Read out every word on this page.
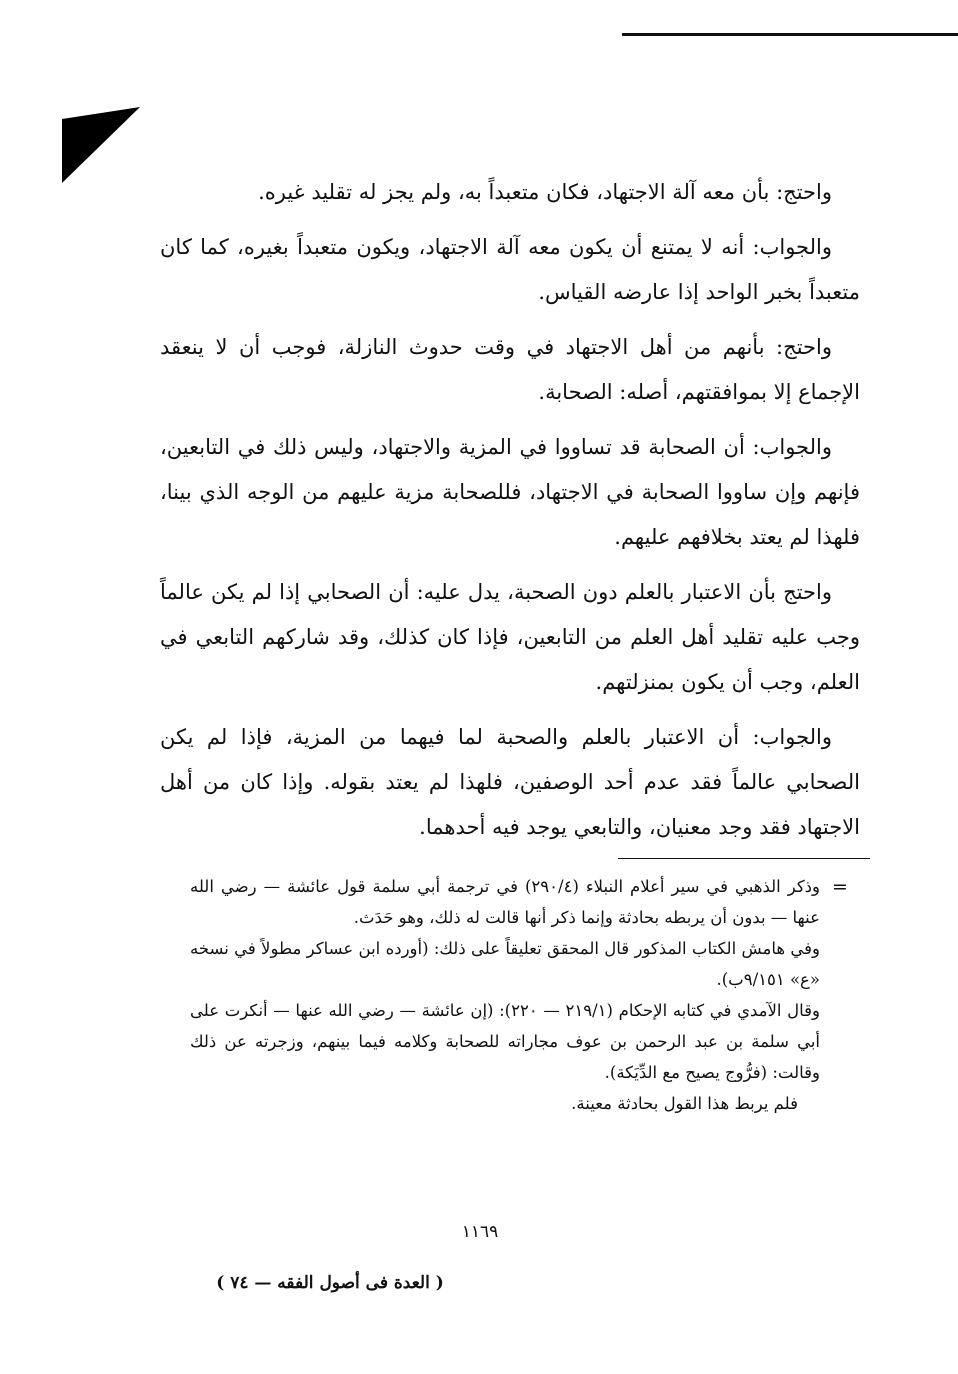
واحتج: بأن معه آلة الاجتهاد، فكان متعبداً به، ولم يجز له تقليد غيره.

والجواب: أنه لا يمتنع أن يكون معه آلة الاجتهاد، ويكون متعبداً بغيره، كما كان متعبداً بخبر الواحد إذا عارضه القياس.

واحتج: بأنهم من أهل الاجتهاد في وقت حدوث النازلة، فوجب أن لا ينعقد الإجماع إلا بموافقتهم، أصله: الصحابة.

والجواب: أن الصحابة قد تساووا في المزية والاجتهاد، وليس ذلك في التابعين، فإنهم وإن ساووا الصحابة في الاجتهاد، فللصحابة مزية عليهم من الوجه الذي بينا، فلهذا لم يعتد بخلافهم عليهم.

واحتج بأن الاعتبار بالعلم دون الصحبة، يدل عليه: أن الصحابي إذا لم يكن عالماً وجب عليه تقليد أهل العلم من التابعين، فإذا كان كذلك، وقد شاركهم التابعي في العلم، وجب أن يكون بمنزلتهم.

والجواب: أن الاعتبار بالعلم والصحبة لما فيهما من المزية، فإذا لم يكن الصحابي عالماً فقد عدم أحد الوصفين، فلهذا لم يعتد بقوله. وإذا كان من أهل الاجتهاد فقد وجد معنيان، والتابعي يوجد فيه أحدهما.

=

وذكر الذهبي في سير أعلام النبلاء (٢٩٠/٤) في ترجمة أبي سلمة قول عائشة — رضي الله عنها — بدون أن يربطه بحادثة وإنما ذكر أنها قالت له ذلك، وهو حَدَث.

وفي هامش الكتاب المذكور قال المحقق تعليقاً على ذلك: (أورده ابن عساكر مطولاً في نسخه «ع» ٩/١٥١ب).

وقال الآمدي في كتابه الإحكام (٢١٩/١ — ٢٢٠): (إن عائشة — رضي الله عنها — أنكرت على أبي سلمة بن عبد الرحمن بن عوف مجاراته للصحابة وكلامه فيما بينهم، وزجرته عن ذلك وقالت: (فرُّوج يصيح مع الدِّيَكة).

فلم يربط هذا القول بحادثة معينة.

١١٦٩
( العدة فى أصول الفقه — ٧٤ )
